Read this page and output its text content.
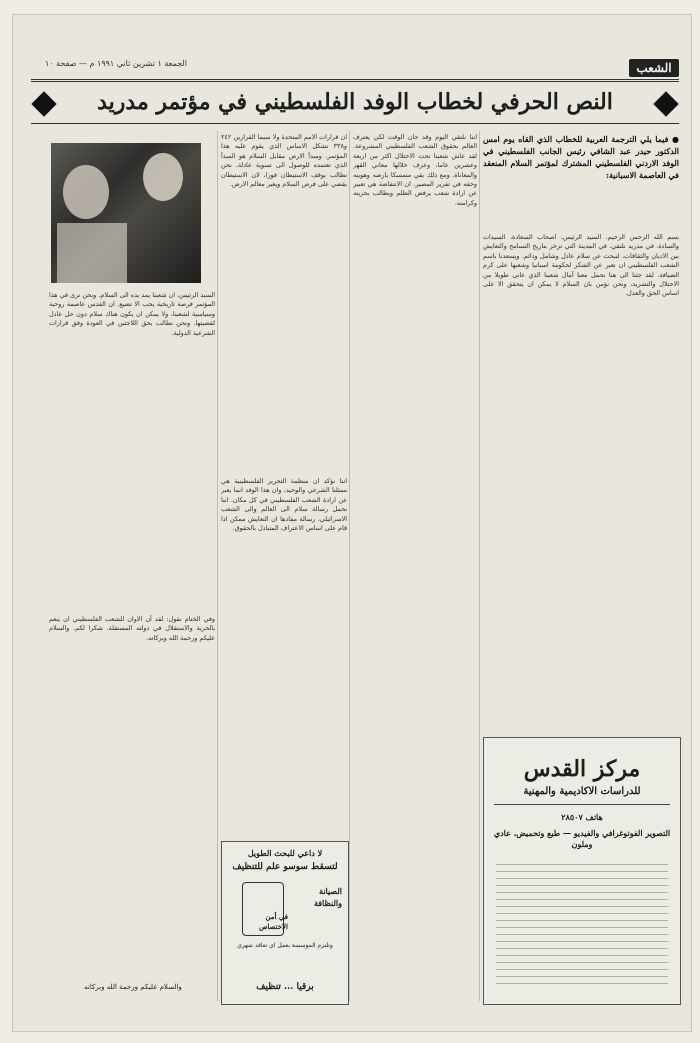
الشعب
الجمعة ١ تشرين ثاني ١٩٩١ م — صفحة ١٠
النص الحرفي لخطاب الوفد الفلسطيني في مؤتمر مدريد
● فيما يلي الترجمة العربية للخطاب الذي القاه يوم امس الدكتور حيدر عبد الشافي رئيس الجانب الفلسطيني في الوفد الاردني الفلسطيني المشترك لمؤتمر السلام المنعقد في العاصمة الاسبانية:
بسم الله الرحمن الرحيم. السيد الرئيس، اصحاب السعادة، السيدات والسادة. في مدريد نلتقي، في المدينة التي تزخر بتاريخ التسامح والتعايش بين الاديان والثقافات، لنبحث عن سلام عادل وشامل ودائم. ويسعدنا باسم الشعب الفلسطيني ان نعبر عن الشكر لحكومة اسبانيا وشعبها على كرم الضيافة. لقد جئنا الى هنا نحمل معنا آمال شعبنا الذي عانى طويلا من الاحتلال والتشريد، ونحن نؤمن بان السلام لا يمكن ان يتحقق الا على اساس الحق والعدل.
اننا نلتقي اليوم وقد حان الوقت لكي يعترف العالم بحقوق الشعب الفلسطيني المشروعة. لقد عاش شعبنا تحت الاحتلال اكثر من اربعة وعشرين عاما، وعرف خلالها معاني القهر والمعاناة. ومع ذلك بقي متمسكا بارضه وهويته وحقه في تقرير المصير. ان الانتفاضة هي تعبير عن ارادة شعب يرفض الظلم ويطالب بحريته وكرامته.
ان قرارات الامم المتحدة ولا سيما القرارين ٢٤٢ و٣٣٨ تشكل الاساس الذي يقوم عليه هذا المؤتمر. ومبدأ الارض مقابل السلام هو المبدأ الذي نعتمده للوصول الى تسوية عادلة. نحن نطالب بوقف الاستيطان فورا، لان الاستيطان يقضي على فرص السلام ويغير معالم الارض.
السيد الرئيس، ان شعبنا يمد يده الى السلام. ونحن نرى في هذا المؤتمر فرصة تاريخية يجب الا تضيع. ان القدس عاصمة روحية وسياسية لشعبنا، ولا يمكن ان يكون هناك سلام دون حل عادل لقضيتها. ونحن نطالب بحق اللاجئين في العودة وفق قرارات الشرعية الدولية.
اننا نؤكد ان منظمة التحرير الفلسطينية هي ممثلنا الشرعي والوحيد، وان هذا الوفد انما يعبر عن ارادة الشعب الفلسطيني في كل مكان. اننا نحمل رسالة سلام الى العالم والى الشعب الاسرائيلي، رسالة مفادها ان التعايش ممكن اذا قام على اساس الاعتراف المتبادل بالحقوق.
وفي الختام نقول: لقد آن الاوان للشعب الفلسطيني ان ينعم بالحرية والاستقلال في دولته المستقلة. شكرا لكم. والسلام عليكم ورحمة الله وبركاته.
والسلام عليكم ورحمة الله وبركاته
مركز القدس
للدراسات الاكاديمية والمهنية
هاتف ٢٨٥٠٧
التصوير الفوتوغرافي والفيديو — طبع وتحميض، عادي وملون
لا داعي للبحث الطويل
لتسقط سوسو علم للتنظيف
الصيانة
والنظافة
في أمن
الاختصاص
وتلتزم الموسسة بعمل اي تعاقد شهري
برقيا ... تنظيف
